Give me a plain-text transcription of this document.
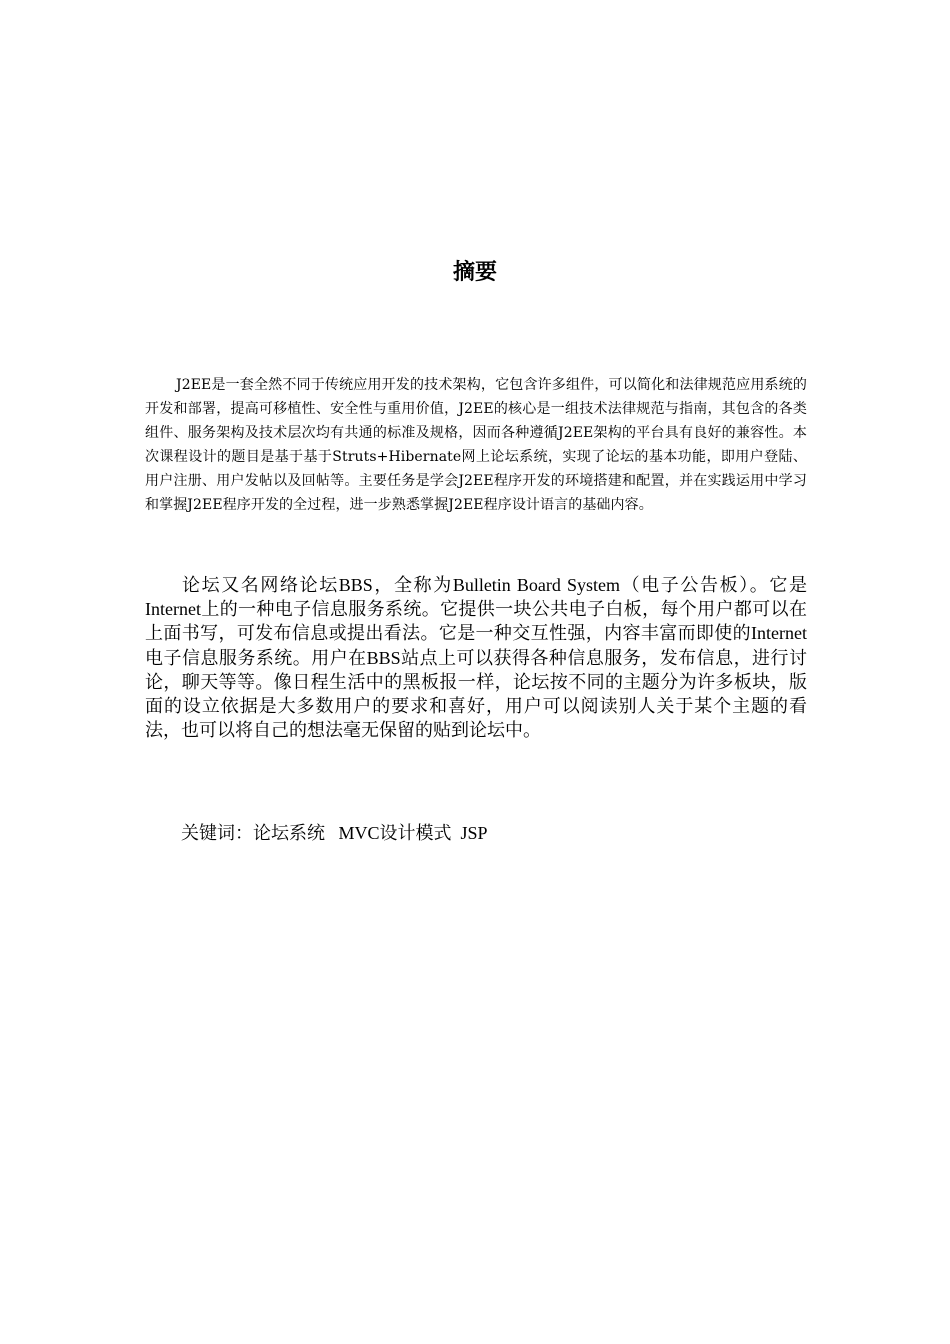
摘要

J2EE是一套全然不同于传统应用开发的技术架构，它包含许多组件，可以简化和法律规范应用系统的开发和部署，提高可移植性、安全性与重用价值，J2EE的核心是一组技术法律规范与指南，其包含的各类组件、服务架构及技术层次均有共通的标准及规格，因而各种遵循J2EE架构的平台具有良好的兼容性。本次课程设计的题目是基于基于Struts+Hibernate网上论坛系统，实现了论坛的基本功能，即用户登陆、用户注册、用户发帖以及回帖等。主要任务是学会J2EE程序开发的环境搭建和配置，并在实践运用中学习和掌握J2EE程序开发的全过程，进一步熟悉掌握J2EE程序设计语言的基础内容。

论坛又名网络论坛BBS，全称为Bulletin Board System（电子公告板）。它是Internet上的一种电子信息服务系统。它提供一块公共电子白板，每个用户都可以在上面书写，可发布信息或提出看法。它是一种交互性强，内容丰富而即使的Internet电子信息服务系统。用户在BBS站点上可以获得各种信息服务，发布信息，进行讨论，聊天等等。像日程生活中的黑板报一样，论坛按不同的主题分为许多板块，版面的设立依据是大多数用户的要求和喜好，用户可以阅读别人关于某个主题的看法，也可以将自己的想法毫无保留的贴到论坛中。

关键词：论坛系统 MVC设计模式 JSP
